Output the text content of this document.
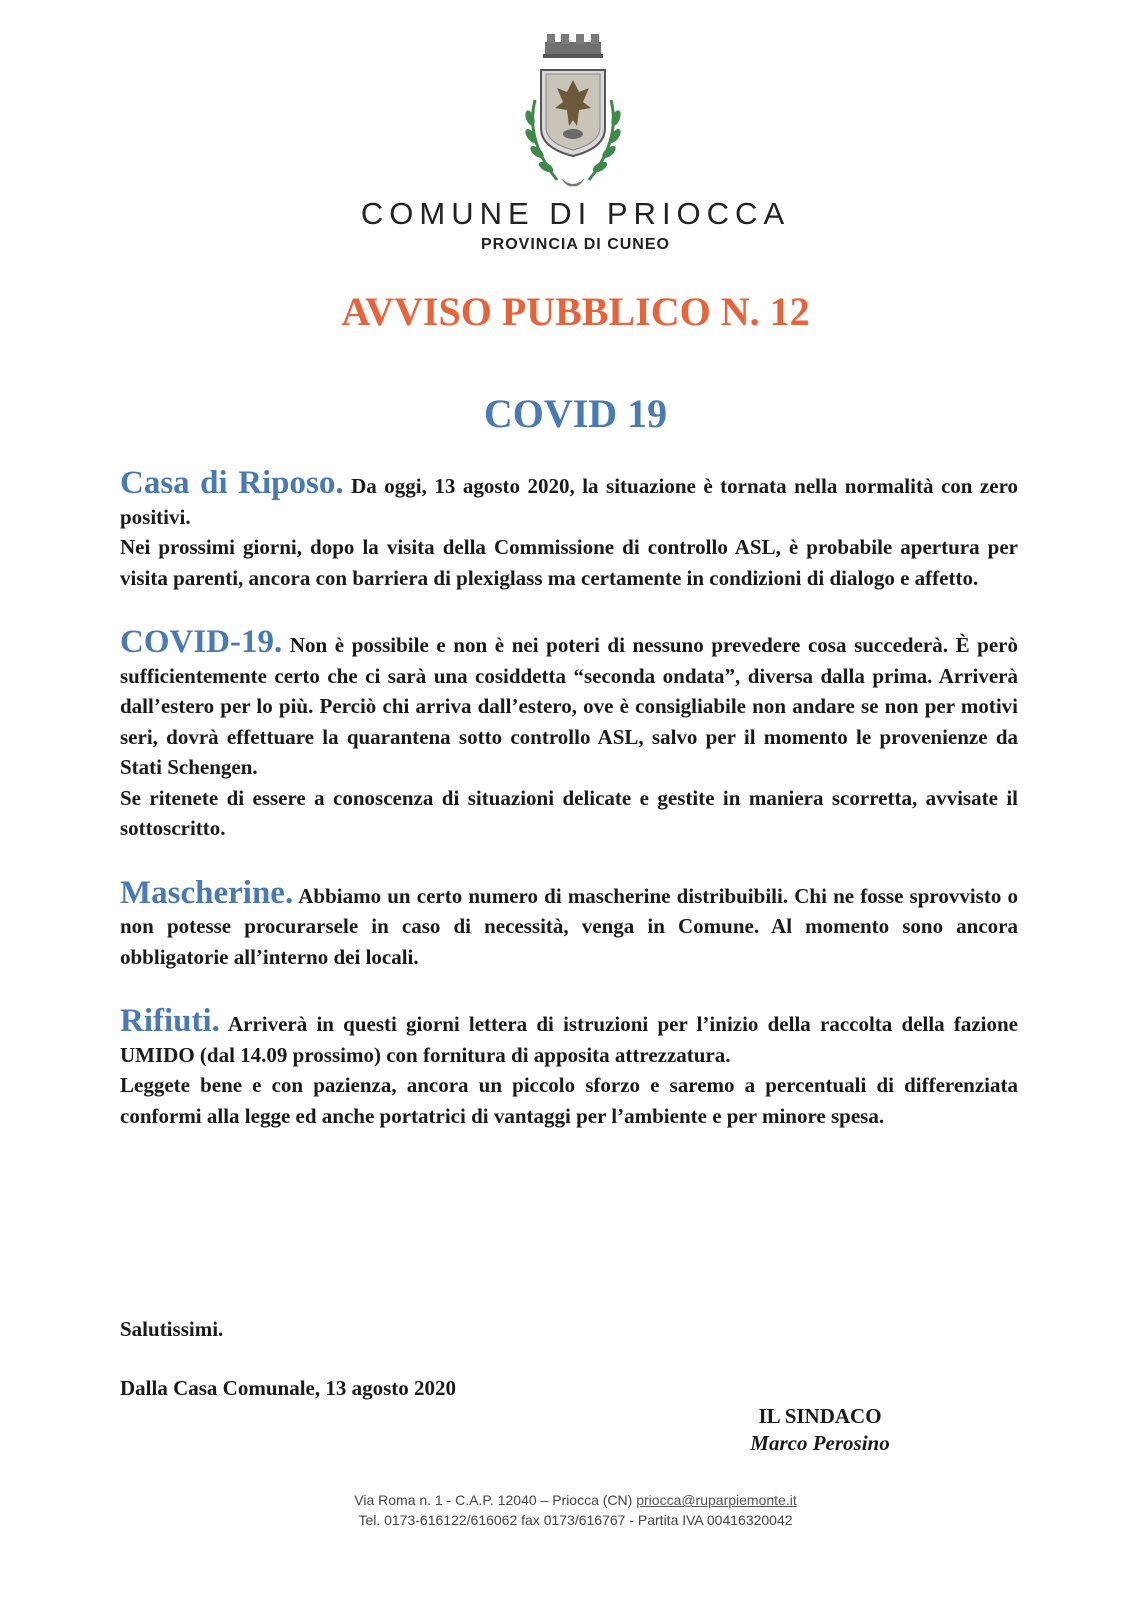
COMUNE DI PRIOCCA
PROVINCIA DI CUNEO
AVVISO PUBBLICO N. 12
COVID 19

Casa di Riposo. Da oggi, 13 agosto 2020, la situazione è tornata nella normalità con zero positivi.

Nei prossimi giorni, dopo la visita della Commissione di controllo ASL, è probabile apertura per visita parenti, ancora con barriera di plexiglass ma certamente in condizioni di dialogo e affetto.

COVID-19. Non è possibile e non è nei poteri di nessuno prevedere cosa succederà. È però sufficientemente certo che ci sarà una cosiddetta “seconda ondata”, diversa dalla prima. Arriverà dall’estero per lo più. Perciò chi arriva dall’estero, ove è consigliabile non andare se non per motivi seri, dovrà effettuare la quarantena sotto controllo ASL, salvo per il momento le provenienze da Stati Schengen.

Se ritenete di essere a conoscenza di situazioni delicate e gestite in maniera scorretta, avvisate il sottoscritto.

Mascherine. Abbiamo un certo numero di mascherine distribuibili. Chi ne fosse sprovvisto o non potesse procurarsele in caso di necessità, venga in Comune. Al momento sono ancora obbligatorie all’interno dei locali.

Rifiuti. Arriverà in questi giorni lettera di istruzioni per l’inizio della raccolta della fazione UMIDO (dal 14.09 prossimo) con fornitura di apposita attrezzatura.

Leggete bene e con pazienza, ancora un piccolo sforzo e saremo a percentuali di differenziata conformi alla legge ed anche portatrici di vantaggi per l’ambiente e per minore spesa.

Salutissimi.
Dalla Casa Comunale, 13 agosto 2020
IL SINDACO
Marco Perosino
Via Roma n. 1 - C.A.P. 12040 – Priocca (CN) priocca@ruparpiemonte.it
Tel. 0173-616122/616062 fax 0173/616767 - Partita IVA 00416320042
